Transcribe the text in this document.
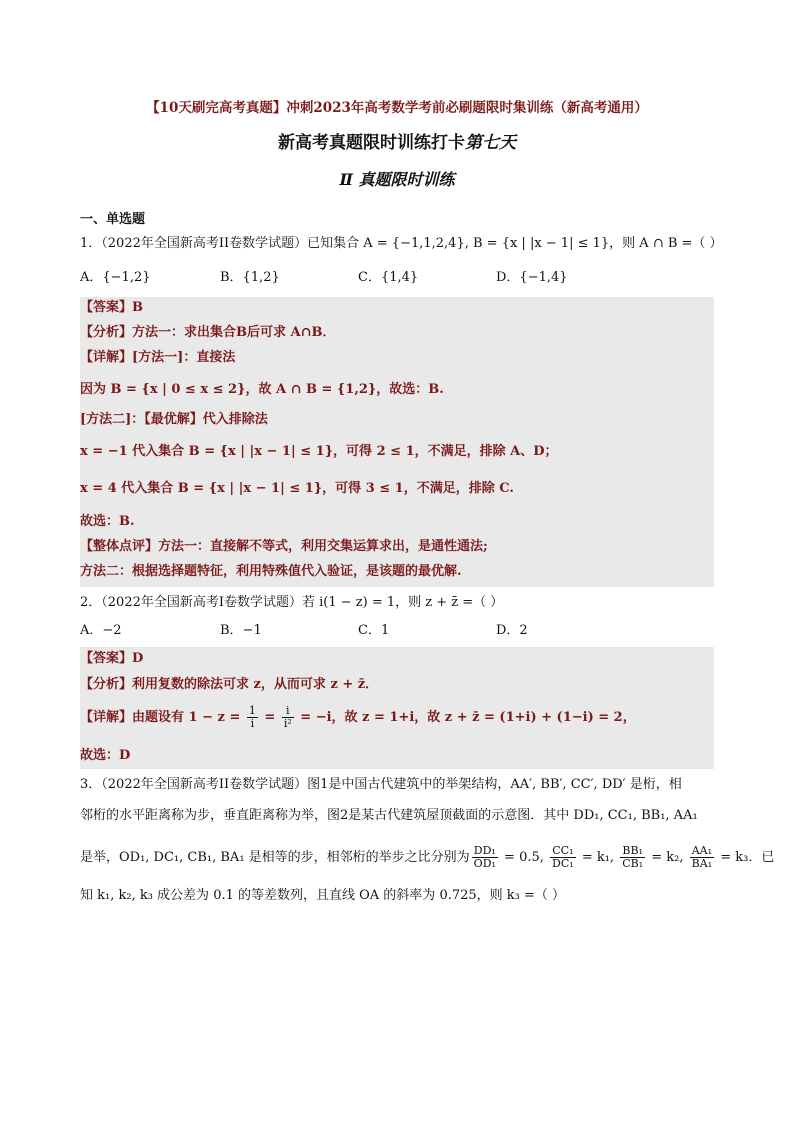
【10天刷完高考真题】冲刺2023年高考数学考前必刷题限时集训练（新高考通用）
新高考真题限时训练打卡第七天
Ⅱ 真题限时训练
一、单选题
1．（2022年全国新高考II卷数学试题）已知集合 A = {−1,1,2,4}, B = {x | |x − 1| ≤ 1}，则 A ∩ B =（ ）
A．{−1,2}	B．{1,2}	C．{1,4}	D．{−1,4}
【答案】B
【分析】方法一：求出集合B后可求 A∩B．
【详解】[方法一]：直接法
因为 B = {x | 0 ≤ x ≤ 2}，故 A ∩ B = {1,2}，故选：B.
[方法二]：【最优解】代入排除法
x = −1 代入集合 B = {x | |x − 1| ≤ 1}，可得 2 ≤ 1，不满足，排除 A、D；
x = 4 代入集合 B = {x | |x − 1| ≤ 1}，可得 3 ≤ 1，不满足，排除 C.
故选：B.
【整体点评】方法一：直接解不等式，利用交集运算求出，是通性通法;
方法二：根据选择题特征，利用特殊值代入验证，是该题的最优解.
2．（2022年全国新高考I卷数学试题）若 i(1 − z) = 1，则 z + z̄ =（ ）
A．−2	B．−1	C．1	D．2
【答案】D
【分析】利用复数的除法可求 z，从而可求 z + z̄．
【详解】由题设有 $1 - z = \frac{1}{i} = \frac{i}{\text{i²}} = -i$，故 z = 1+i，故 z + z̄ = (1+i) + (1−i) = 2，
故选：D
3．（2022年全国新高考II卷数学试题）图1是中国古代建筑中的举架结构，AA′, BB′, CC′, DD′ 是桁，相
邻桁的水平距离称为步，垂直距离称为举，图2是某古代建筑屋顶截面的示意图．其中 DD₁, CC₁, BB₁, AA₁
是举，OD₁, DC₁, CB₁, BA₁ 是相等的步，相邻桁的举步之比分别为 $\frac{\text{DD₁}}{\text{OD₁}} = 0.5$, $\frac{\text{CC₁}}{\text{DC₁}} = k_1$, $\frac{\text{BB₁}}{\text{CB₁}} = k_2$, $\frac{\text{AA₁}}{\text{BA₁}} = k_3$．已
知 k₁, k₂, k₃ 成公差为 0.1 的等差数列，且直线 OA 的斜率为 0.725，则 k₃ =（ ）
